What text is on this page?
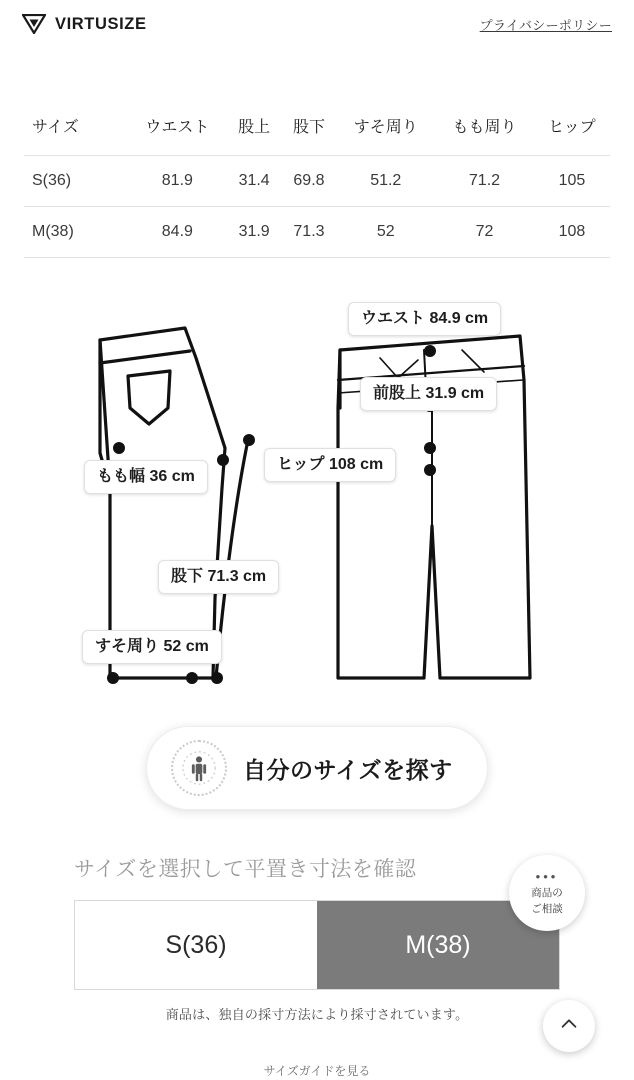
VIRTUSIZE	プライバシーポリシー
サイズ	ウエスト	股上	股下	すそ周り	もも周り	ヒップ
S(36)	81.9	31.4	69.8	51.2	71.2	105
M(38)	84.9	31.9	71.3	52	72	108
ウエスト 84.9 cm
前股上 31.9 cm
もも幅 36 cm
ヒップ 108 cm
股下 71.3 cm
すそ周り 52 cm
自分のサイズを探す
サイズを選択して平置き寸法を確認
S(36)	M(38)
•••
商品の
ご相談
商品は、独自の採寸方法により採寸されています。
サイズガイドを見る
